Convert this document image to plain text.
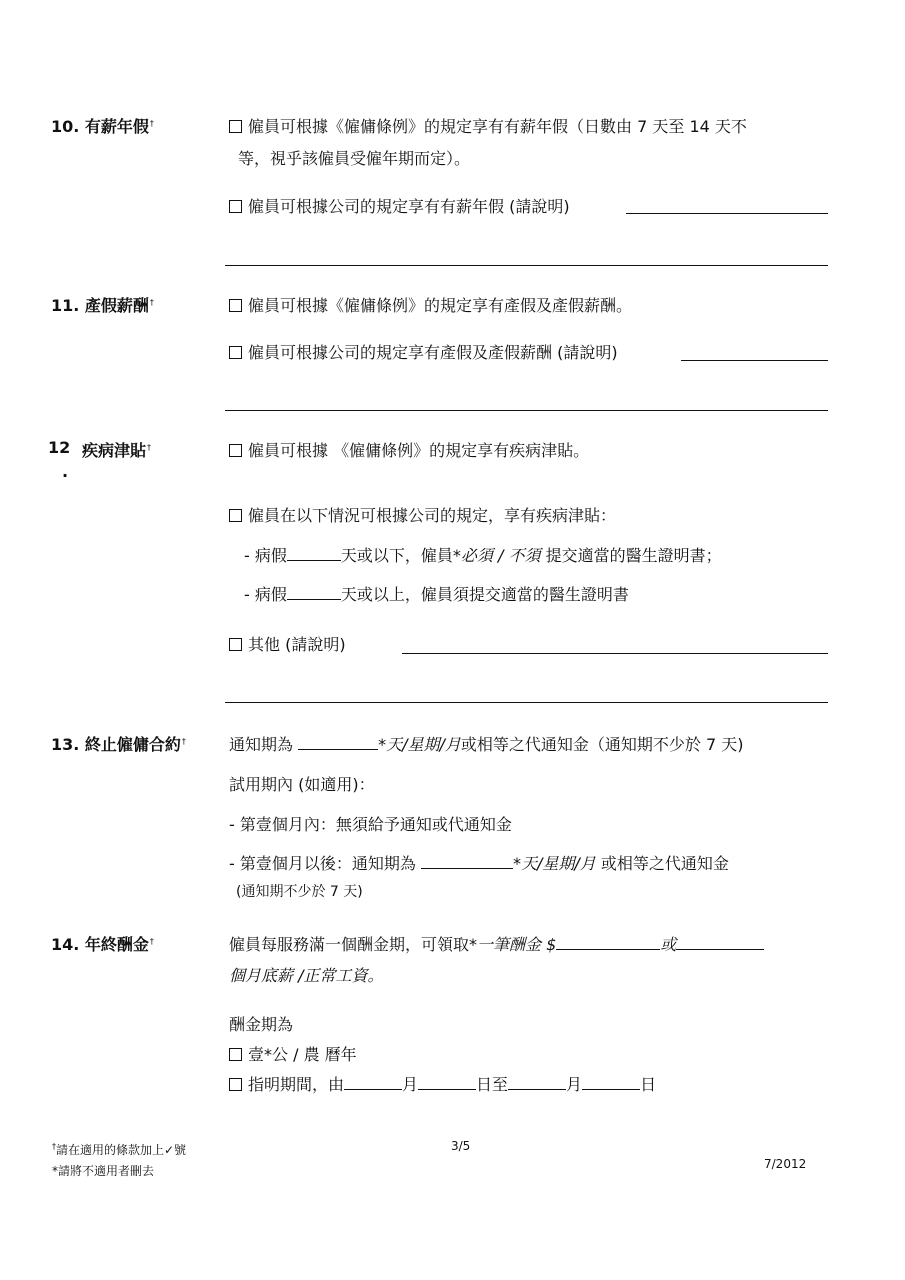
10. 有薪年假†	僱員可根據《僱傭條例》的規定享有有薪年假（日數由 7 天至 14 天不
等，視乎該僱員受僱年期而定）。
僱員可根據公司的規定享有有薪年假 (請說明)
11. 產假薪酬†	僱員可根據《僱傭條例》的規定享有產假及產假薪酬。
僱員可根據公司的規定享有產假及產假薪酬 (請說明)
12
.
疾病津貼†	僱員可根據 《僱傭條例》的規定享有疾病津貼。
僱員在以下情況可根據公司的規定，享有疾病津貼：
- 病假	天或以下，僱員*必須 / 不須 提交適當的醫生證明書；
- 病假	天或以上，僱員須提交適當的醫生證明書
其他 (請說明)
13. 終止僱傭合約†	通知期為	*天/星期/月或相等之代通知金（通知期不少於 7 天)
試用期內 (如適用)：
- 第壹個月內：無須給予通知或代通知金
- 第壹個月以後：通知期為	*天/星期/月 或相等之代通知金
(通知期不少於 7 天)
14. 年終酬金†	僱員每服務滿一個酬金期，可領取*一筆酬金 $	或
個月底薪 /正常工資。
酬金期為
壹*公 / 農 曆年
指明期間，由	月	日至	月	日
†請在適用的條款加上✓號
*請將不適用者刪去
3/5
7/2012
